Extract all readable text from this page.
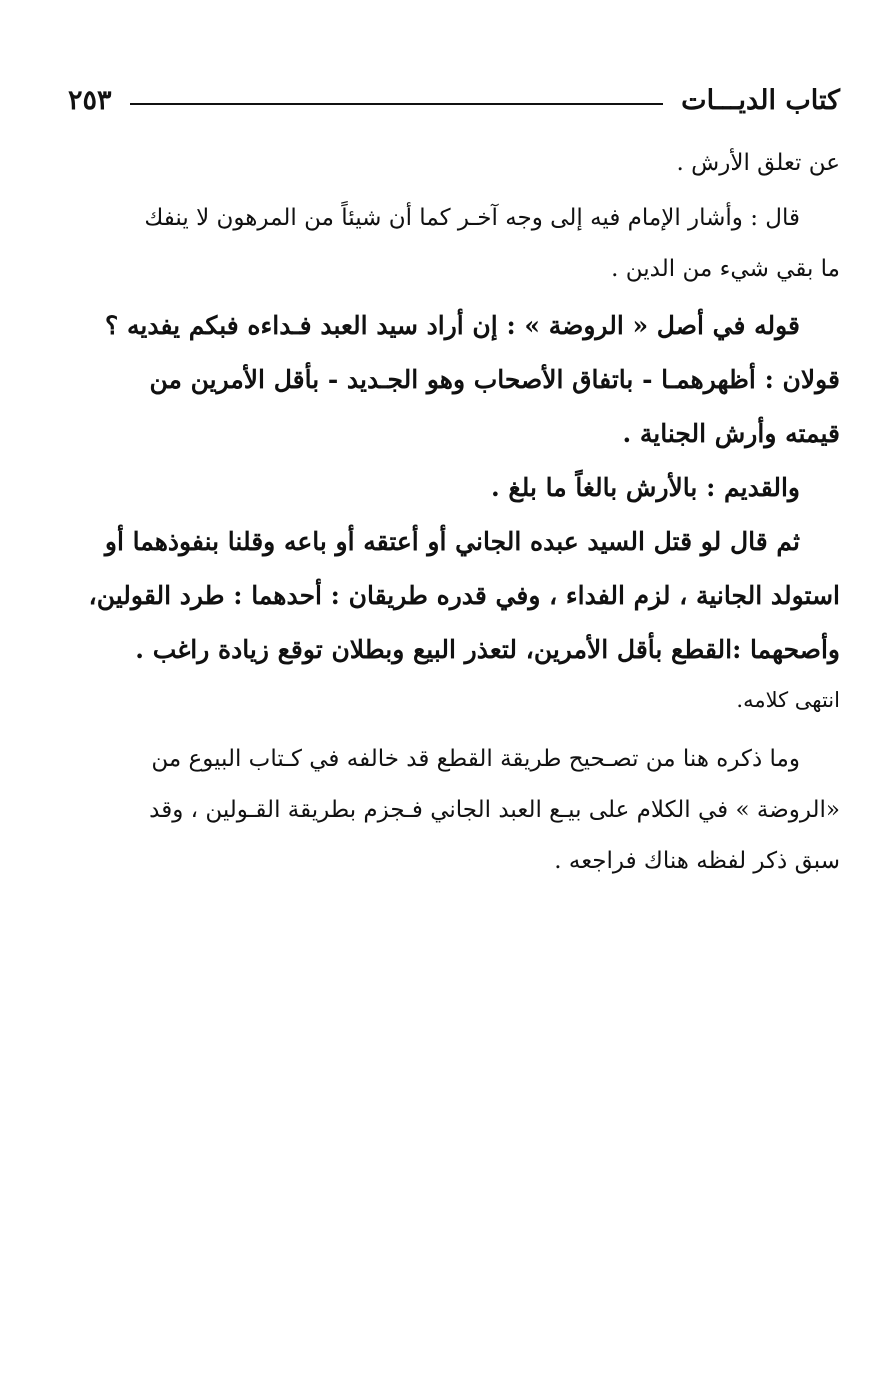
كتاب الديـــات
٢٥٣
عن تعلق الأرش .
قال : وأشار الإمام فيه إلى وجه آخـر كما أن شيئاً من المرهون لا ينفك
ما بقي شيء من الدين .
قوله في أصل « الروضة » : إن أراد سيد العبد فـداءه فبكم يفديه ؟
قولان : أظهرهمـا - باتفاق الأصحاب وهو الجـديد - بأقل الأمرين من
قيمته وأرش الجناية .
والقديم : بالأرش بالغاً ما بلغ .
ثم قال لو قتل السيد عبده الجاني أو أعتقه أو باعه وقلنا بنفوذهما أو
استولد الجانية ، لزم الفداء ، وفي قدره طريقان : أحدهما : طرد القولين،
وأصحهما :القطع بأقل الأمرين، لتعذر البيع وبطلان توقع زيادة راغب .
انتهى كلامه.
وما ذكره هنا من تصـحيح طريقة القطع قد خالفه في كـتاب البيوع من
«الروضة » في الكلام على بيـع العبد الجاني فـجزم بطريقة القـولين ، وقد
سبق ذكر لفظه هناك فراجعه .
